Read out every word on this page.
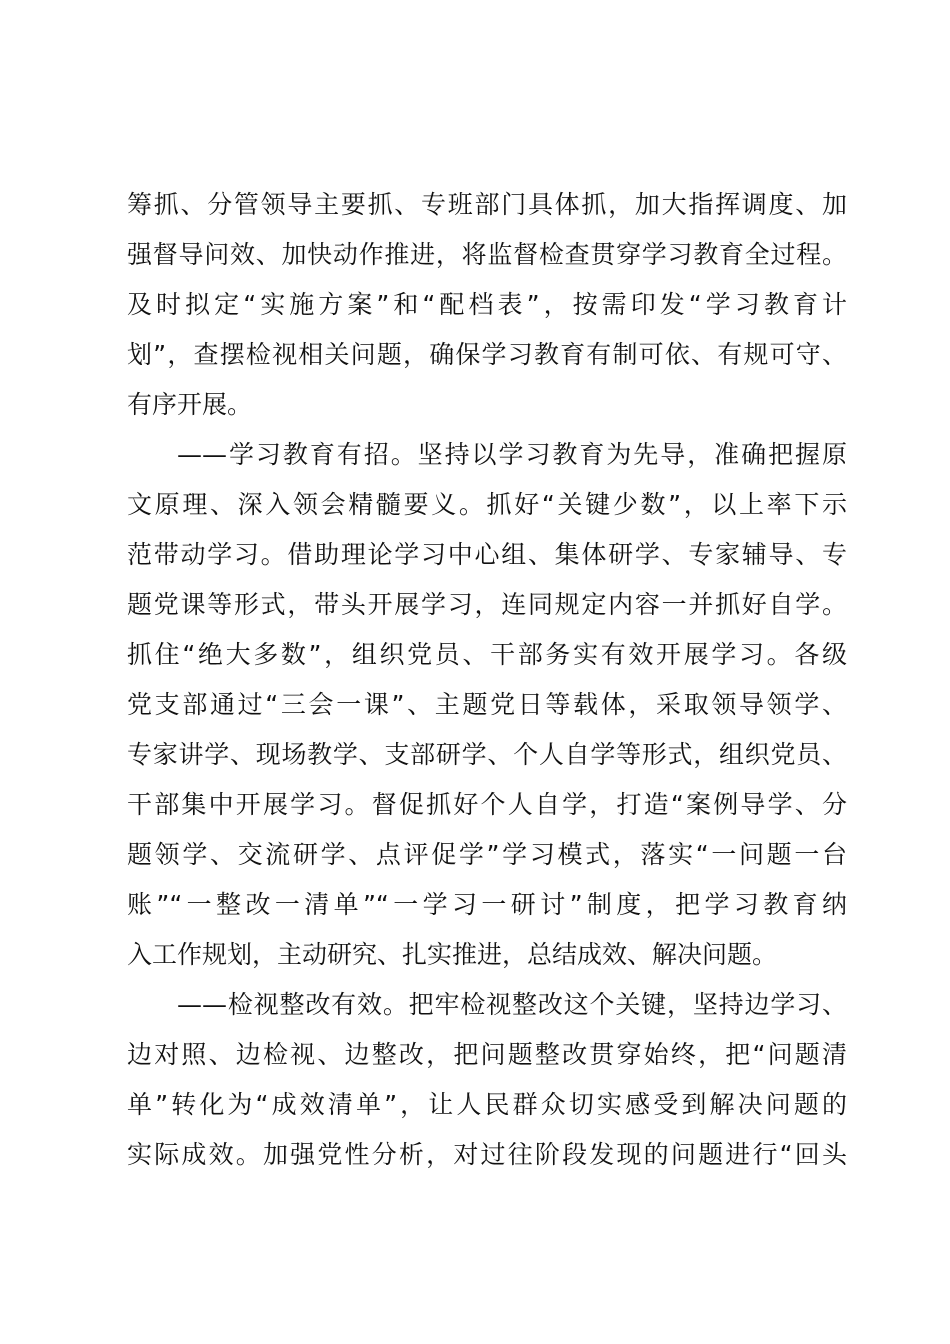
筹抓、分管领导主要抓、专班部门具体抓，加大指挥调度、加
强督导问效、加快动作推进，将监督检查贯穿学习教育全过程。
及时拟定“实施方案”和“配档表”，按需印发“学习教育计
划”，查摆检视相关问题，确保学习教育有制可依、有规可守、
有序开展。
——学习教育有招。坚持以学习教育为先导，准确把握原
文原理、深入领会精髓要义。抓好“关键少数”，以上率下示
范带动学习。借助理论学习中心组、集体研学、专家辅导、专
题党课等形式，带头开展学习，连同规定内容一并抓好自学。
抓住“绝大多数”，组织党员、干部务实有效开展学习。各级
党支部通过“三会一课”、主题党日等载体，采取领导领学、
专家讲学、现场教学、支部研学、个人自学等形式，组织党员、
干部集中开展学习。督促抓好个人自学，打造“案例导学、分
题领学、交流研学、点评促学”学习模式，落实“一问题一台
账”“一整改一清单”“一学习一研讨”制度，把学习教育纳
入工作规划，主动研究、扎实推进，总结成效、解决问题。
——检视整改有效。把牢检视整改这个关键，坚持边学习、
边对照、边检视、边整改，把问题整改贯穿始终，把“问题清
单”转化为“成效清单”，让人民群众切实感受到解决问题的
实际成效。加强党性分析，对过往阶段发现的问题进行“回头
